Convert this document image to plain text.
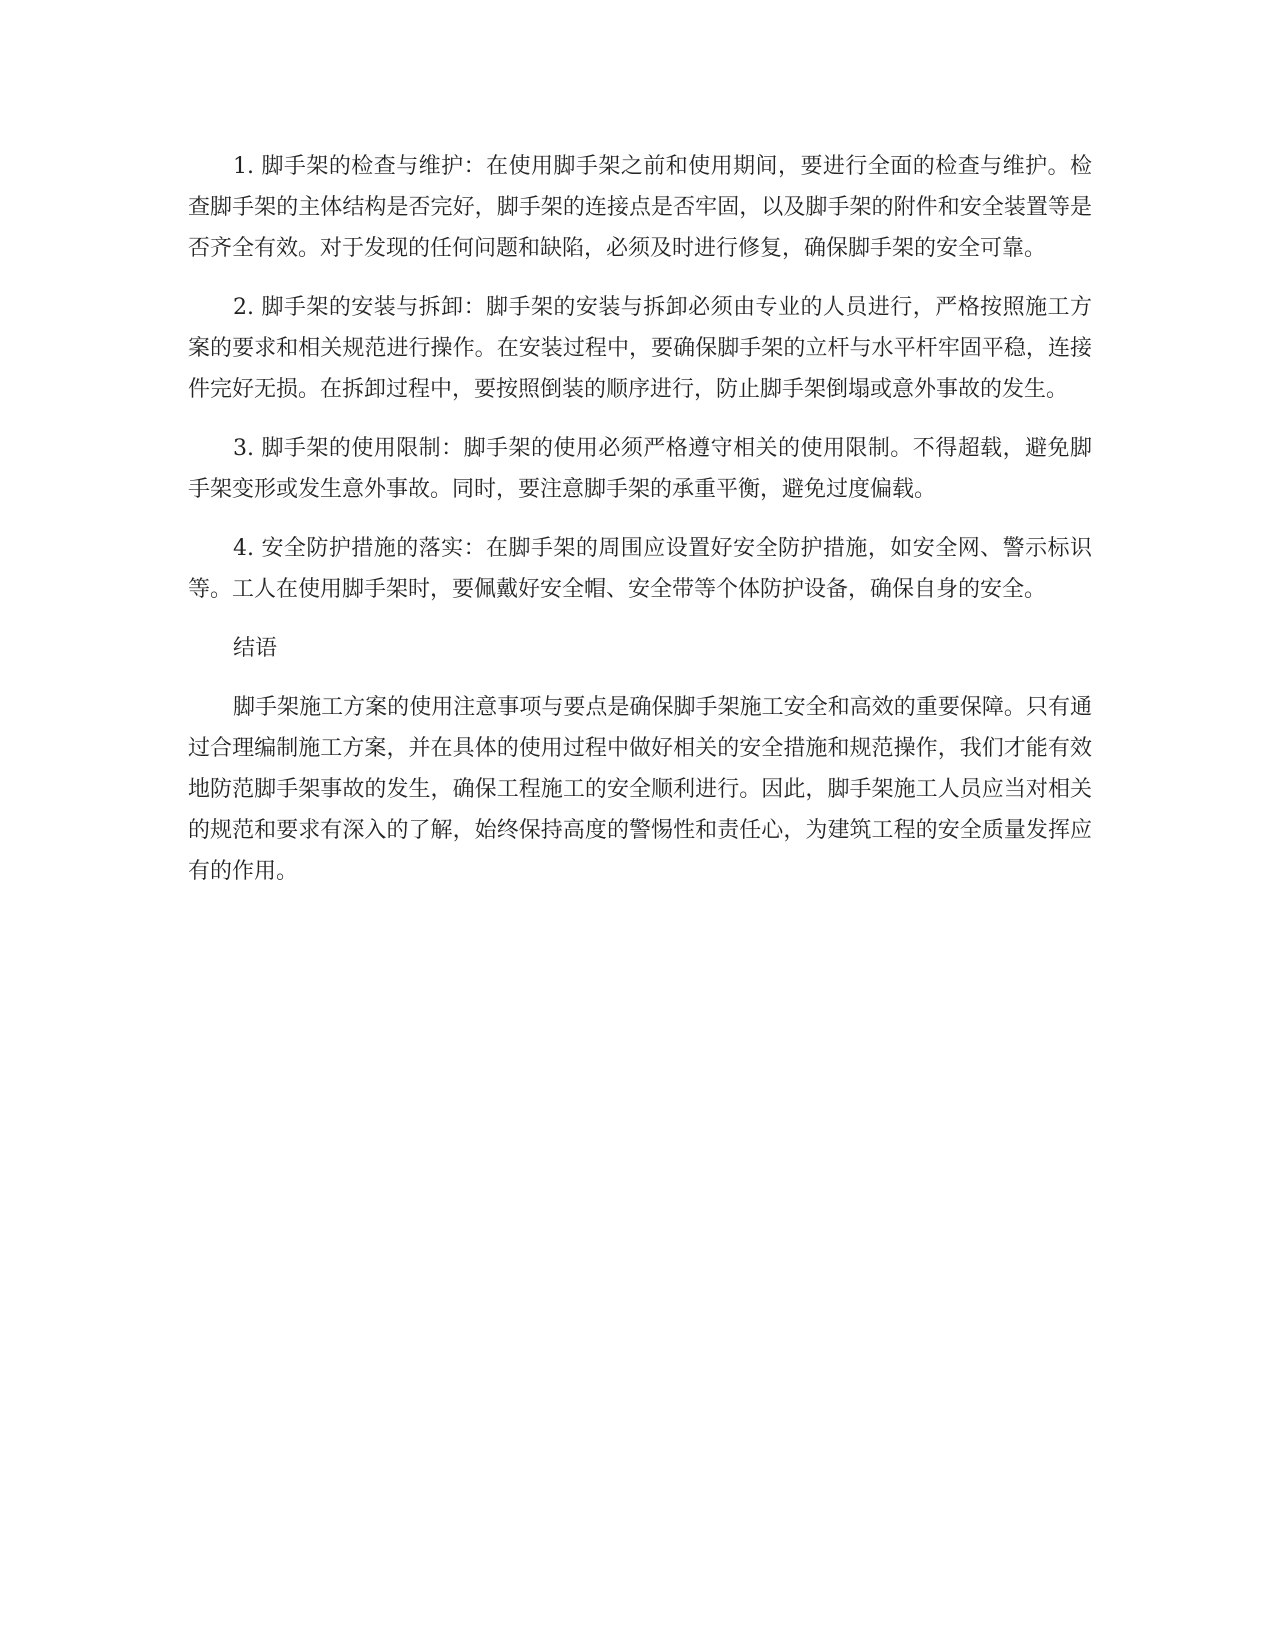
1. 脚手架的检查与维护：在使用脚手架之前和使用期间，要进行全面的检查与维护。检查脚手架的主体结构是否完好，脚手架的连接点是否牢固，以及脚手架的附件和安全装置等是否齐全有效。对于发现的任何问题和缺陷，必须及时进行修复，确保脚手架的安全可靠。

2. 脚手架的安装与拆卸：脚手架的安装与拆卸必须由专业的人员进行，严格按照施工方案的要求和相关规范进行操作。在安装过程中，要确保脚手架的立杆与水平杆牢固平稳，连接件完好无损。在拆卸过程中，要按照倒装的顺序进行，防止脚手架倒塌或意外事故的发生。

3. 脚手架的使用限制：脚手架的使用必须严格遵守相关的使用限制。不得超载，避免脚手架变形或发生意外事故。同时，要注意脚手架的承重平衡，避免过度偏载。

4. 安全防护措施的落实：在脚手架的周围应设置好安全防护措施，如安全网、警示标识等。工人在使用脚手架时，要佩戴好安全帽、安全带等个体防护设备，确保自身的安全。

结语

脚手架施工方案的使用注意事项与要点是确保脚手架施工安全和高效的重要保障。只有通过合理编制施工方案，并在具体的使用过程中做好相关的安全措施和规范操作，我们才能有效地防范脚手架事故的发生，确保工程施工的安全顺利进行。因此，脚手架施工人员应当对相关的规范和要求有深入的了解，始终保持高度的警惕性和责任心，为建筑工程的安全质量发挥应有的作用。
